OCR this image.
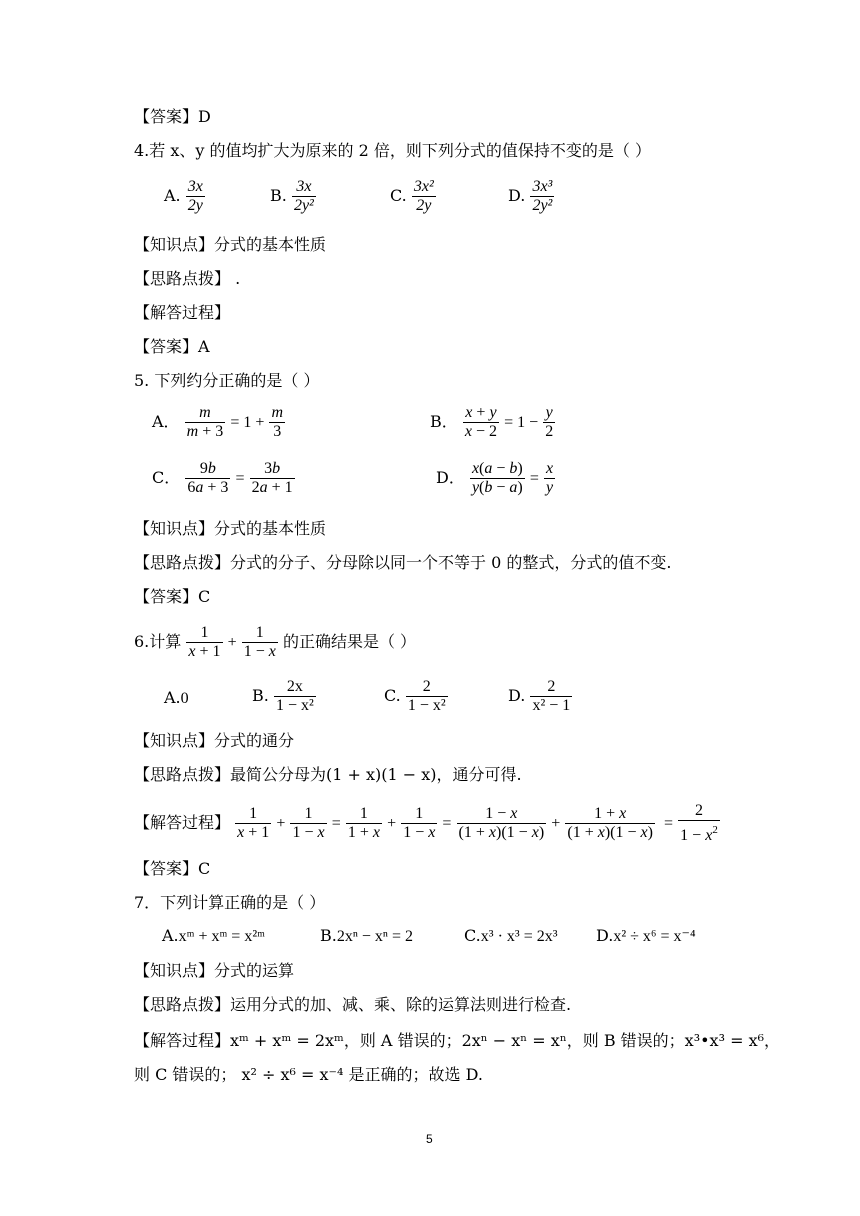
【答案】D
4.若 x、y 的值均扩大为原来的 2 倍，则下列分式的值保持不变的是（ ）
A. $\frac{3x}{2y}$	B. $\frac{3x}{\text{2y²}}$	C. $\frac{\text{3x²}}{2y}$	D. $\frac{\text{3x³}}{\text{2y²}}$
【知识点】分式的基本性质
【思路点拨】 .
【解答过程】
【答案】A
5. 下列约分正确的是（ ）
A． $\frac{m}{m + 3} = 1 + \frac{m}{3}$	B． $\frac{x + y}{x - 2} = 1 - \frac{y}{2}$
C． $\frac{9b}{6a + 3} = \frac{3b}{2a + 1}$	D． $\frac{x(a - b)}{y(b - a)} = \frac{x}{y}$
【知识点】分式的基本性质
【思路点拨】分式的分子、分母除以同一个不等于 0 的整式，分式的值不变.
【答案】C
6.计算 $\frac{1}{x + 1} + \frac{1}{1 - x}$ 的正确结果是（ ）
A.0	B. $\frac{2x}{\text{1 − x²}}$	C. $\frac{2}{\text{1 − x²}}$	D. $\frac{2}{\text{x² − 1}}$
【知识点】分式的通分
【思路点拨】最简公分母为(1 + x)(1 − x)，通分可得.
【解答过程】 $\frac{1}{x + 1} + \frac{1}{1 - x} = \frac{1}{1 + x} + \frac{1}{1 - x} = \frac{1 - x}{(1 + x)(1 - x)} + \frac{1 + x}{(1 + x)(1 - x)} = \frac{2}{1 - x^2}$
【答案】C
7．下列计算正确的是（ ）
A.xᵐ + xᵐ = x²ᵐ	B.2xⁿ − xⁿ = 2	C.x³ · x³ = 2x³ D.x² ÷ x⁶ = x⁻⁴
【知识点】分式的运算
【思路点拨】运用分式的加、减、乘、除的运算法则进行检查.
【解答过程】xᵐ + xᵐ = 2xᵐ，则 A 错误的；2xⁿ − xⁿ = xⁿ，则 B 错误的；x³•x³ = x⁶，
则 C 错误的； x² ÷ x⁶ = x⁻⁴ 是正确的；故选 D.
5
